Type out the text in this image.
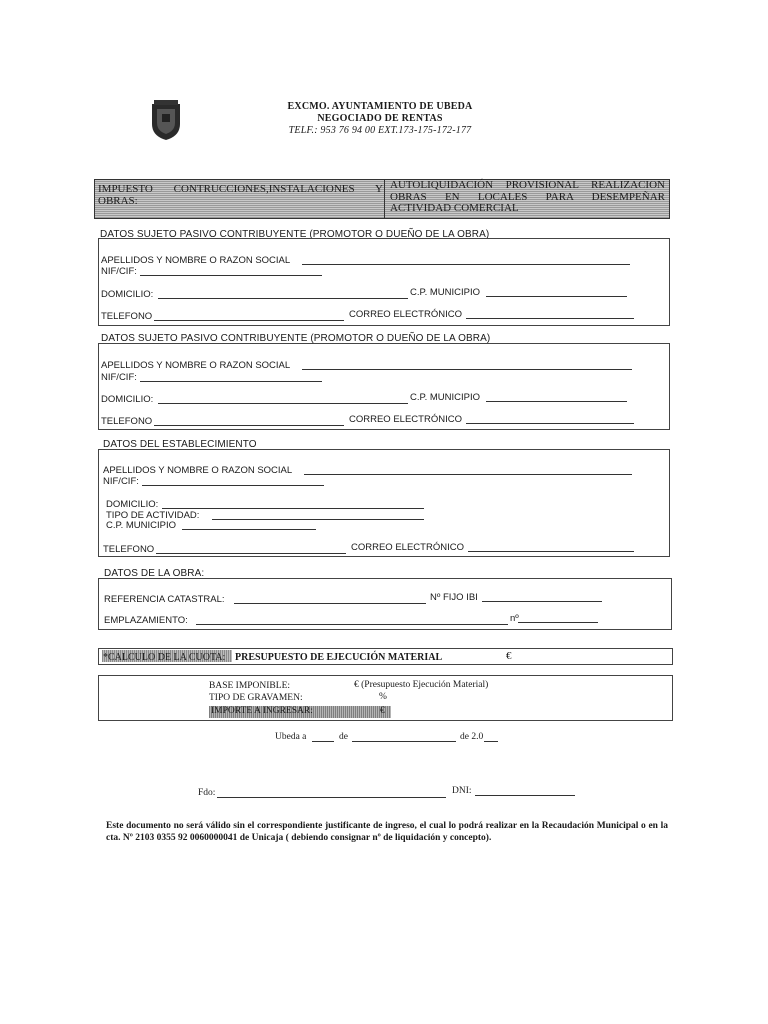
EXCMO. AYUNTAMIENTO DE UBEDA
NEGOCIADO DE RENTAS
TELF.: 953 76 94 00 EXT.173-175-172-177
IMPUESTO CONTRUCCIONES,INSTALACIONES Y OBRAS:
AUTOLIQUIDACIÓN PROVISIONAL REALIZACION
OBRAS EN LOCALES PARA DESEMPEÑAR
ACTIVIDAD COMERCIAL
DATOS SUJETO PASIVO CONTRIBUYENTE (PROMOTOR O DUEÑO DE LA OBRA)
APELLIDOS Y NOMBRE O RAZON SOCIAL
NIF/CIF:
DOMICILIO:	C.P. MUNICIPIO
TELEFONO	CORREO ELECTRÓNICO
DATOS SUJETO PASIVO CONTRIBUYENTE (PROMOTOR O DUEÑO DE LA OBRA)
APELLIDOS Y NOMBRE O RAZON SOCIAL
NIF/CIF:
DOMICILIO:	C.P. MUNICIPIO
TELEFONO	CORREO ELECTRÓNICO
DATOS DEL ESTABLECIMIENTO
APELLIDOS Y NOMBRE O RAZON SOCIAL
NIF/CIF:
DOMICILIO:
TIPO DE ACTIVIDAD:
C.P. MUNICIPIO
TELEFONO	CORREO ELECTRÓNICO
DATOS DE LA OBRA:
REFERENCIA CATASTRAL:	Nº FIJO IBI
EMPLAZAMIENTO:	nº
*CALCULO DE LA CUOTA: PRESUPUESTO DE EJECUCIÓN MATERIAL	€
BASE IMPONIBLE:	€ (Presupuesto Ejecución Material)
TIPO DE GRAVAMEN:	%
IMPORTE A INGRESAR:	€
Ubeda a	de	de 2.0
Fdo:	DNI:
Este documento no será válido sin el correspondiente justificante de ingreso, el cual lo podrá realizar en la Recaudación Municipal o en la cta. Nº 2103 0355 92 0060000041 de Unicaja ( debiendo consignar nº de liquidación y concepto).
